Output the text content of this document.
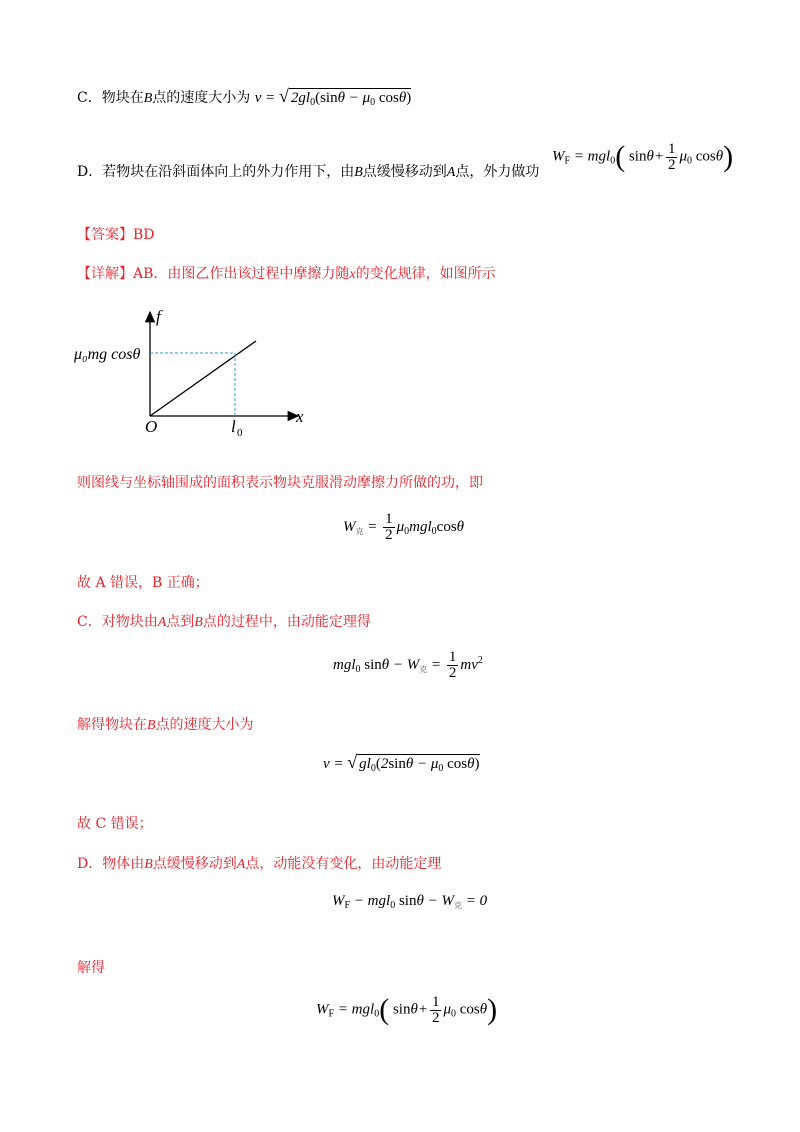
C．物块在B点的速度大小为 v = √ $2gl_0(\sin\theta - \mu_0$ cosθ)
D．若物块在沿斜面体向上的外力作用下，由B点缓慢移动到A点，外力做功
$W_F = mgl_0$( $\sin\theta+ \frac{1}{2} \mu_0$ cosθ)
【答案】BD
【详解】AB．由图乙作出该过程中摩擦力随x的变化规律，如图所示
f
x
O	l 0
μ₀mg cosθ
则图线与坐标轴围成的面积表示物块克服滑动摩擦力所做的功，即
$W_克 = \frac{1}{2} \mu_0mgl_0\cos\theta$
故 A 错误，B 正确；
C．对物块由A点到B点的过程中，由动能定理得
mgl$_0$ $\sin\theta - W_克 = \frac{1}{2} mv^2$
解得物块在B点的速度大小为
v = √ $gl_0(2\sin\theta - \mu_0$ cosθ)
故 C 错误；
D．物体由B点缓慢移动到A点，动能没有变化，由动能定理
$W_F - mgl_0$ $\sin\theta - W_克 = 0$
解得
$W_F = mgl_0$( $\sin\theta+ \frac{1}{2} \mu_0$ cosθ)
